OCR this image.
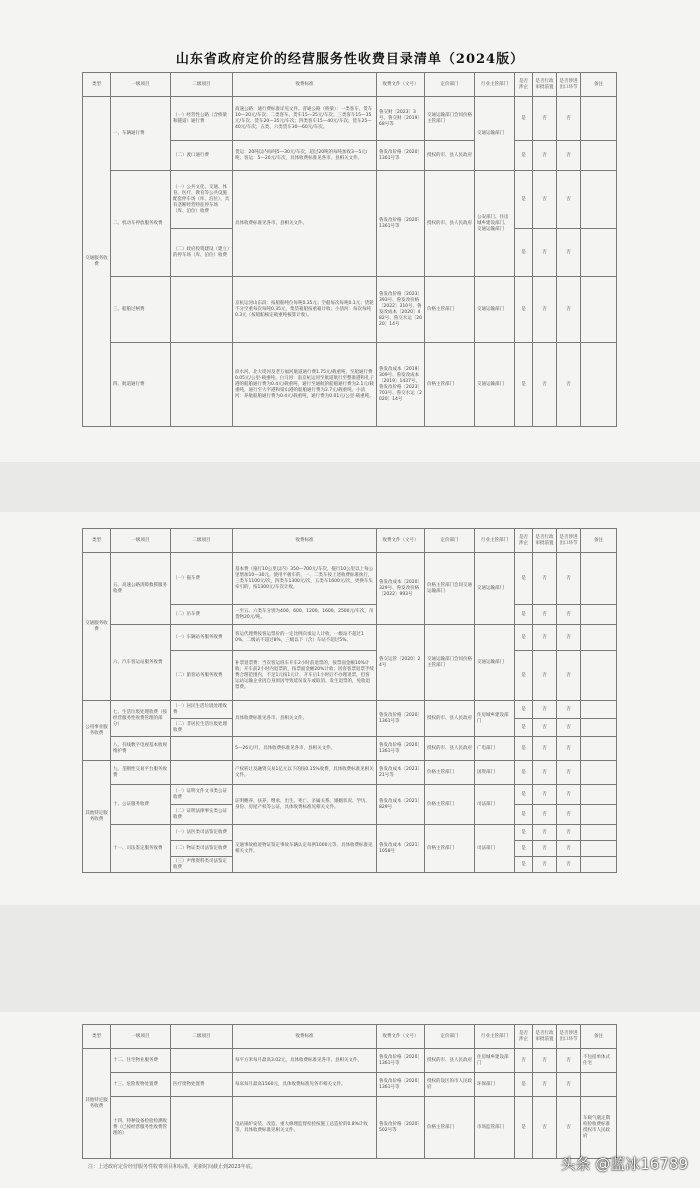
山东省政府定价的经营服务性收费目录清单（2024版）
类型	一级项目	二级项目	收费标准	收费文件（文号）	定价部门	行业主管部门	是否涉企	是否行政审批前置	是否涉进出口环节	备注
交通服务收费	一、车辆通行费	（一）经营性公路（含桥梁和隧道）通行费	高速公路：通行费标准详见文件。普通公路（桥梁）：一类客车、货车10—20元/车次；二类客车、货车15—25元/车次；三类客车15—35元/车次、货车20—35元/车次；四类客车15—40元/车次、货车25—40元/车次；五类、六类货车30—60元/车次。	鲁交财〔2023〕3号、鲁交财〔2019〕68号等	交通运输部门会同价格主管部门	交通运输部门	是	否	否	
		（二）渡口通行费	货运：20吨以内每吨5—30元/车次，超过20吨的每吨加收3—5元/吨；客运：5—20元/车次，具体收费标准见各市、县相关文件。	鲁发改价格〔2020〕1361号等	授权的市、县人民政府		是	否	否	
	二、机动车停放服务收费	（一）公共文化、交通、体育、医疗、教育等公共设施配套停车场（库、泊位），具有垄断经营特征停车场（库、泊位）收费	具体收费标准见各市、县相关文件。	鲁发改价格〔2020〕1361号等	授权的市、县人民政府	公安部门、住房城乡建设部门、交通运输部门	是	否	否	
		（二）政府投资建设（建立）的停车场（库、泊位）收费					是	否	否	
	三、船舶过闸费		京杭运河山东段：按船舶吨位每吨0.35元；空船每次每吨0.1元；货轮不分空重每次每吨0.35元，集装箱船按重箱计收；小清河：每次每吨0.3元（按船舶核定载重吨核算计收）。	鲁发改价格〔2023〕393号、鲁发改价格〔2022〕310号、鲁发改成本〔2020〕482号、鲁交水运〔2020〕14号	价格主管部门	交通运输部门	是	否	否	
	四、航道通行费		滨水河、北大堤河及老万福河航道通行费1.75元/载重吨，至船通行费0.05元/公里·载重吨。白马河：南京杭运河至航道航行至整准港和孔子港的船舶通行费为0.4元/载重吨，通行至通航的船舶通行费为2.1元/载重吨，通行至大平港和梁山港的船舶通行费为2.7元/载重吨。小清河：养航船舶通行费为0.4元/载重吨，通行费为0.01元/公里·载重吨。	鲁发改成本〔2019〕309号、鲁发改成本〔2019〕1437号、鲁发改价格〔2023〕703号、鲁交水运〔2020〕14号	价格主管部门	交通运输部门	是	否	否	
类型	一级项目	二级项目	收费标准	收费文件（文号）	定价部门	行业主管部门	是否涉企	是否行政审批前置	是否涉进出口环节	备注
交通服务收费	五、高速公路清障救援服务收费	（一）拖车费	基本费（拖行10公里以内）350—700元/车次，拖行10公里以上每公里增加10—30元。使用平板车的，一、二类车按上述收费标准执行，三类车1100元/次，四类车1300元/次，五类车1600元/次，更换车头牵引的，按1300元/车次计收。	鲁发改成本〔2020〕329号、鲁发改价格〔2022〕993号	价格主管部门会同交通运输部门	交通运输部门	是	否	否	
		（二）吊车费	一至五、六类车分别为400、600、1200、1600、2500元/车次，吊货物20元/吨。				是	否	否	
	六、汽车客运站服务收费	（一）车辆站务服务收费	客运代理费按客运票价的一定比例向承运人计收，一级站不超过10%，二级站不超过8%，三级以下（含）车站不超过5%。	鲁交运管〔2020〕24号	交通运输部门会同价格主管部门	交通运输部门	是	否	否	
		（二）旅客站务服务收费	补票退票费：当次客运班车开车2小时前退票的，按票面金额10%计收；开车前2小时内退票的，按票面金额20%计收；因客客票退票手续费合理范围内，不足1元按1元计，开车后1小时后不办理退票，但客运站运输企业因自身原因导致延误发车或取消、发生退票的，免收退票费。				是	否	否	
公用事业服务收费	七、生活垃圾处理收费（按经营服务性收费管理的部分）	（一）居民生活垃圾处理收费	具体收费标准见各市、县相关文件。	鲁发改价格〔2020〕1361号等	授权的市、县人民政府	住房城乡建设部门	是	否	否	
		（二）非居民生活垃圾处理收费					是	否	否	
	八、有线数字电视基本收视维护费		5—26元/月，具体收费标准见各市、县相关文件。	鲁发改价格〔2020〕1361号等	授权的市、县人民政府	广电部门	是	否	否	
其他特定服务收费	九、垄断性交易平台服务收费		产权转让及融资交易1亿元以下的按0.15%收费，具体收费标准见相关文件。	鲁发改成本〔2023〕21号等	价格主管部门	国资部门	是	否	否	
	十、公证服务收费	（一）证明文件文书类公证收费	证明赡养、扶养、继承、出生、死亡、亲属关系、婚姻状况、学历、身份、房屋产权等公证，具体收费标准见相关文件。	鲁发改成本〔2021〕829号	价格主管部门	司法部门	是	否	否	
		（二）证明法律事实类公证收费					是	否	否	
	十一、司法鉴定服务收费	（一）法医类司法鉴定收费	交通事故痕迹物证鉴定事故车辆认定每例1000元等，具体收费标准见相关文件。	鲁发改成本〔2021〕1058号	价格主管部门	司法部门	是	否	否	
		（二）物证类司法鉴定收费					是	否	否	
		（三）声像资料类司法鉴定收费					是	否	否	
类型	一级项目	二级项目	收费标准	收费文件（文号）	定价部门	行业主管部门	是否涉企	是否行政审批前置	是否涉进出口环节	备注
其他特定服务收费	十二、住宅物业服务费		每平方米每月最高3.02元，具体收费标准见各市、县相关文件。	鲁发改价格〔2020〕1361号等	授权的市、县人民政府	住房城乡建设部门	否	否	否	不包括单体式住宅
	十三、危险废物处置费	医疗废物处置费	每床每月最高1560元，具体收费标准见各市相关文件。	鲁发改价格〔2020〕1361号等	授权的设区的市人民政府	环保部门	是	否	否	
	十四、特种设备检验检测收费（已按经营服务性收费管理的）		电站锅炉安装、改造、重大修理监督检验按施工总造价的0.8%计收等，具体收费标准见相关文件。	鲁发改价格〔2020〕502号等	价格主管部门	市场监管部门	是	否	否	车载气瓶定期检验收费标准授权市人民政府
注：上述政府定价经营服务性收费项目和标准，更新时间截止到2023年底。	头条 @蓝冰16789
